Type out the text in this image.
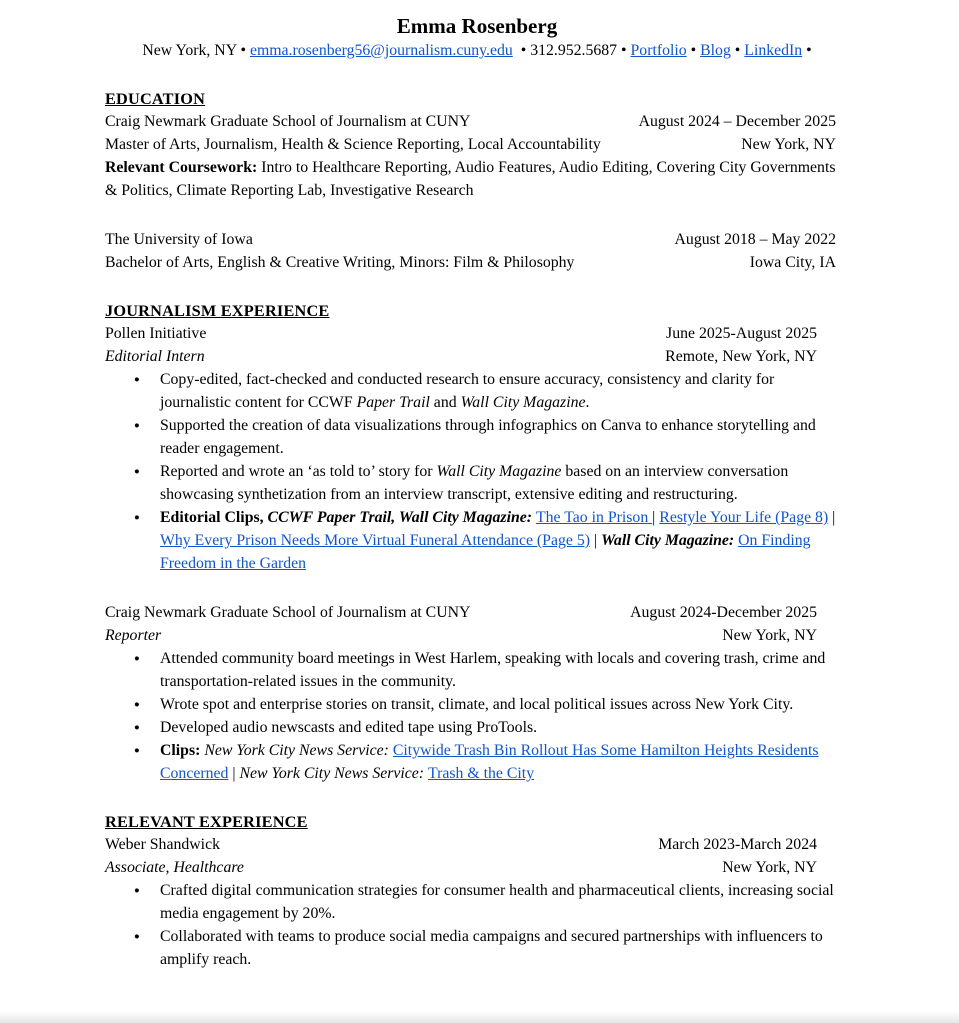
Emma Rosenberg

New York, NY • emma.rosenberg56@journalism.cuny.edu  • 312.952.5687 • Portfolio • Blog • LinkedIn •

EDUCATION
Craig Newmark Graduate School of Journalism at CUNY	August 2024 – December 2025
Master of Arts, Journalism, Health & Science Reporting, Local Accountability	New York, NY

Relevant Coursework: Intro to Healthcare Reporting, Audio Features, Audio Editing, Covering City Governments & Politics, Climate Reporting Lab, Investigative Research

The University of Iowa	August 2018 – May 2022
Bachelor of Arts, English & Creative Writing, Minors: Film & Philosophy	Iowa City, IA
JOURNALISM EXPERIENCE
Pollen Initiative	June 2025-August 2025
Editorial Intern	Remote, New York, NY
● Copy-edited, fact-checked and conducted research to ensure accuracy, consistency and clarity for journalistic content for CCWF Paper Trail and Wall City Magazine.
● Supported the creation of data visualizations through infographics on Canva to enhance storytelling and reader engagement.
● Reported and wrote an ‘as told to’ story for Wall City Magazine based on an interview conversation showcasing synthetization from an interview transcript, extensive editing and restructuring.
● Editorial Clips, CCWF Paper Trail, Wall City Magazine: The Tao in Prison | Restyle Your Life (Page 8) | Why Every Prison Needs More Virtual Funeral Attendance (Page 5) | Wall City Magazine: On Finding Freedom in the Garden
Craig Newmark Graduate School of Journalism at CUNY	August 2024-December 2025
Reporter	New York, NY
● Attended community board meetings in West Harlem, speaking with locals and covering trash, crime and transportation-related issues in the community.
● Wrote spot and enterprise stories on transit, climate, and local political issues across New York City.
● Developed audio newscasts and edited tape using ProTools.
● Clips: New York City News Service: Citywide Trash Bin Rollout Has Some Hamilton Heights Residents Concerned | New York City News Service: Trash & the City
RELEVANT EXPERIENCE
Weber Shandwick	March 2023-March 2024
Associate, Healthcare	New York, NY
● Crafted digital communication strategies for consumer health and pharmaceutical clients, increasing social media engagement by 20%.
● Collaborated with teams to produce social media campaigns and secured partnerships with influencers to amplify reach.
